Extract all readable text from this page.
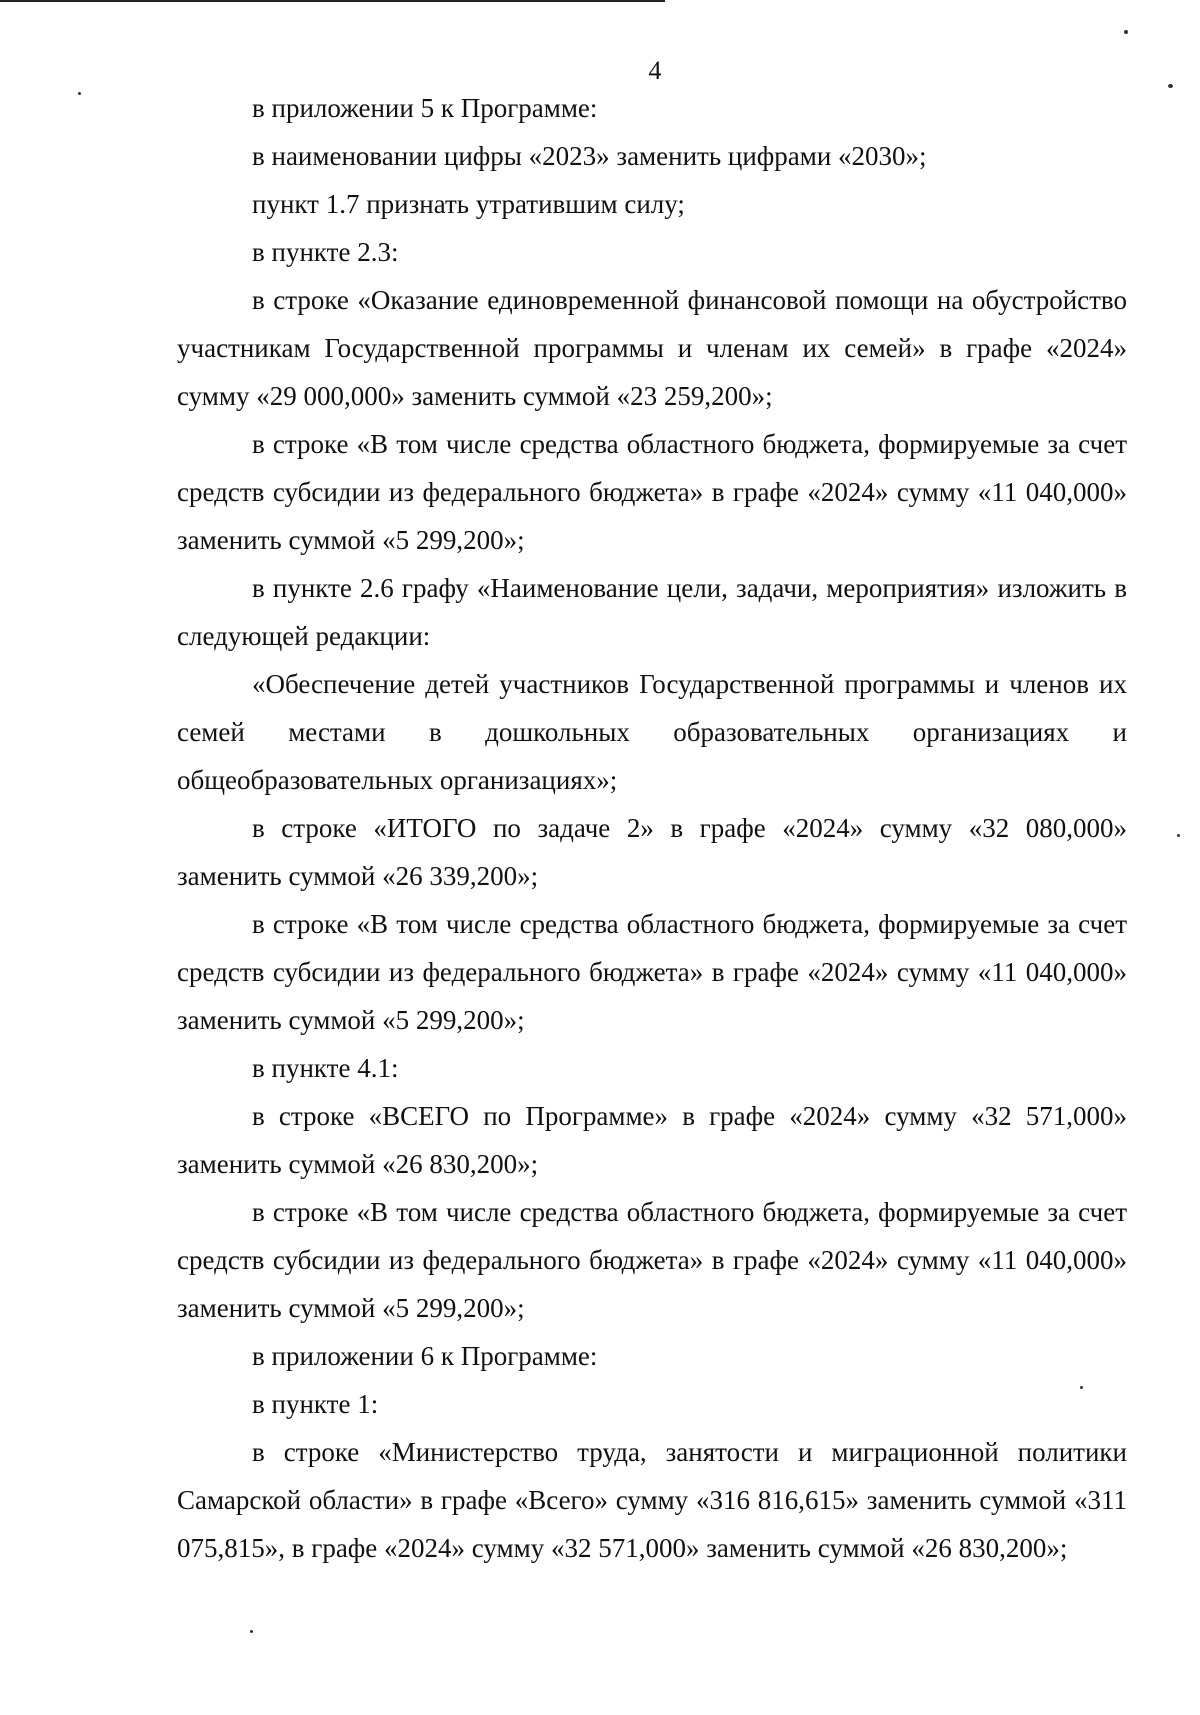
4

в приложении 5 к Программе:

в наименовании цифры «2023» заменить цифрами «2030»;

пункт 1.7 признать утратившим силу;

в пункте 2.3:

в строке «Оказание единовременной финансовой помощи на обустройство участникам Государственной программы и членам их семей» в графе «2024» сумму «29 000,000» заменить суммой «23 259,200»;

в строке «В том числе средства областного бюджета, формируемые за счет средств субсидии из федерального бюджета» в графе «2024» сумму «11 040,000» заменить суммой «5 299,200»;

в пункте 2.6 графу «Наименование цели, задачи, мероприятия» изложить в следующей редакции:

«Обеспечение детей участников Государственной программы и членов их семей местами в дошкольных образовательных организациях и общеобразовательных организациях»;

в строке «ИТОГО по задаче 2» в графе «2024» сумму «32 080,000» заменить суммой «26 339,200»;

в строке «В том числе средства областного бюджета, формируемые за счет средств субсидии из федерального бюджета» в графе «2024» сумму «11 040,000» заменить суммой «5 299,200»;

в пункте 4.1:

в строке «ВСЕГО по Программе» в графе «2024» сумму «32 571,000» заменить суммой «26 830,200»;

в строке «В том числе средства областного бюджета, формируемые за счет средств субсидии из федерального бюджета» в графе «2024» сумму «11 040,000» заменить суммой «5 299,200»;

в приложении 6 к Программе:

в пункте 1:

в строке «Министерство труда, занятости и миграционной политики Самарской области» в графе «Всего» сумму «316 816,615» заменить суммой «311 075,815», в графе «2024» сумму «32 571,000» заменить суммой «26 830,200»;
